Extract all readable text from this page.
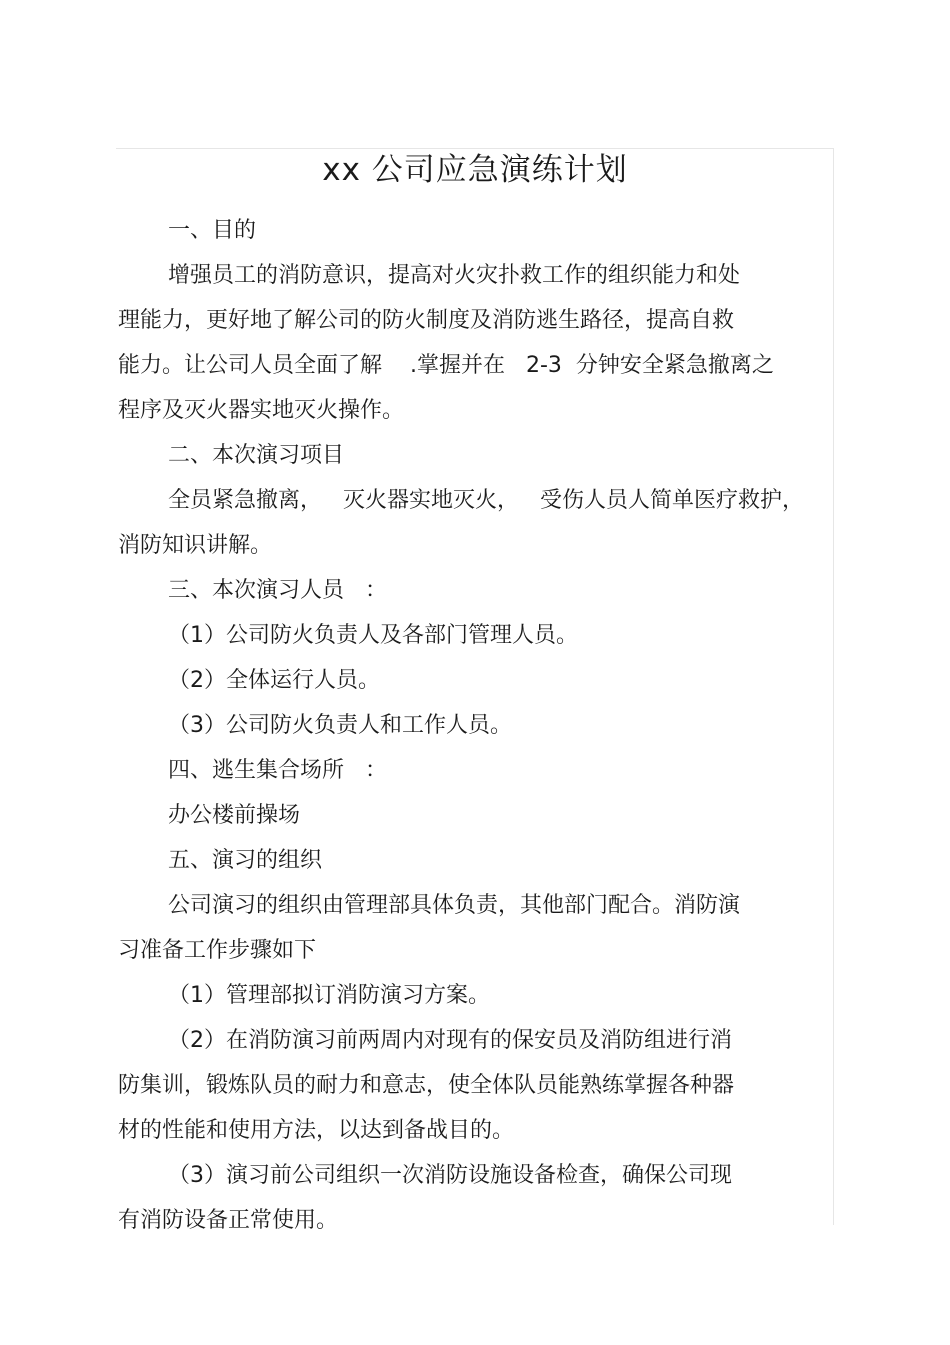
xx 公司应急演练计划
一、目的
增强员工的消防意识，提高对火灾扑救工作的组织能力和处
理能力，更好地了解公司的防火制度及消防逃生路径，提高自救
能力。让公司人员全面了解    .掌握并在   2-3  分钟安全紧急撤离之
程序及灭火器实地灭火操作。
二、本次演习项目
全员紧急撤离，   灭火器实地灭火，   受伤人员人简单医疗救护，
消防知识讲解。
三、本次演习人员   ：
（1）公司防火负责人及各部门管理人员。
（2）全体运行人员。
（3）公司防火负责人和工作人员。
四、逃生集合场所   ：
办公楼前操场
五、演习的组织
公司演习的组织由管理部具体负责，其他部门配合。消防演
习准备工作步骤如下
（1）管理部拟订消防演习方案。
（2）在消防演习前两周内对现有的保安员及消防组进行消
防集训，锻炼队员的耐力和意志，使全体队员能熟练掌握各种器
材的性能和使用方法，以达到备战目的。
（3）演习前公司组织一次消防设施设备检查，确保公司现
有消防设备正常使用。
